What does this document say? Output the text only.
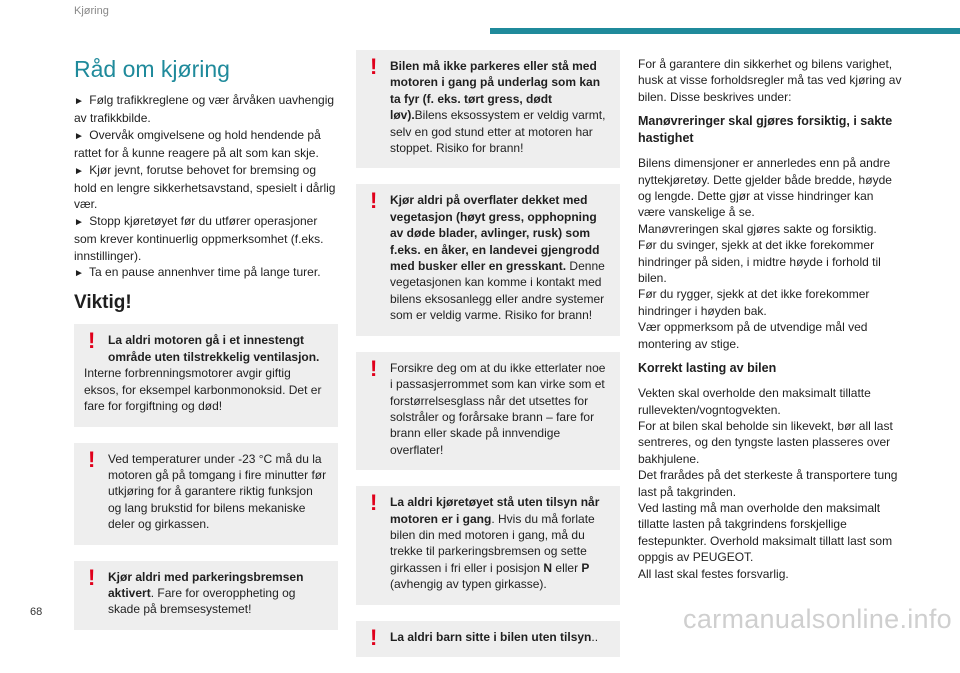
Kjøring
Råd om kjøring

► Følg trafikkreglene og vær årvåken uavhengig av trafikkbilde.

► Overvåk omgivelsene og hold hendende på rattet for å kunne reagere på alt som kan skje.

► Kjør jevnt, forutse behovet for bremsing og hold en lengre sikkerhetsavstand, spesielt i dårlig vær.

► Stopp kjøretøyet før du utfører operasjoner som krever kontinuerlig oppmerksomhet (f.eks. innstillinger).

► Ta en pause annenhver time på lange turer.

Viktig!
!	La aldri motoren gå i et innestengt område uten tilstrekkelig ventilasjon.
Interne forbrenningsmotorer avgir giftig eksos, for eksempel karbonmonoksid. Det er fare for forgiftning og død!
!	Ved temperaturer under -23 °C må du la motoren gå på tomgang i fire minutter før utkjøring for å garantere riktig funksjon og lang brukstid for bilens mekaniske deler og girkassen.
!	Kjør aldri med parkeringsbremsen aktivert. Fare for overoppheting og skade på bremsesystemet!
!	Bilen må ikke parkeres eller stå med motoren i gang på underlag som kan ta fyr (f. eks. tørt gress, dødt løv).Bilens eksossystem er veldig varmt, selv en god stund etter at motoren har stoppet. Risiko for brann!
!	Kjør aldri på overflater dekket med vegetasjon (høyt gress, opphopning av døde blader, avlinger, rusk) som f.eks. en åker, en landevei gjengrodd med busker eller en gresskant. Denne vegetasjonen kan komme i kontakt med bilens eksosanlegg eller andre systemer som er veldig varme. Risiko for brann!
!	Forsikre deg om at du ikke etterlater noe i passasjerrommet som kan virke som et forstørrelsesglass når det utsettes for solstråler og forårsake brann – fare for brann eller skade på innvendige overflater!
!	La aldri kjøretøyet stå uten tilsyn når motoren er i gang. Hvis du må forlate bilen din med motoren i gang, må du trekke til parkeringsbremsen og sette girkassen i fri eller i posisjon N eller P (avhengig av typen girkasse).
!	La aldri barn sitte i bilen uten tilsyn..

For å garantere din sikkerhet og bilens varighet, husk at visse forholdsregler må tas ved kjøring av bilen. Disse beskrives under:

Manøvreringer skal gjøres forsiktig, i sakte hastighet

Bilens dimensjoner er annerledes enn på andre nyttekjøretøy. Dette gjelder både bredde, høyde og lengde. Dette gjør at visse hindringer kan være vanskelige å se.
Manøvreringen skal gjøres sakte og forsiktig.
Før du svinger, sjekk at det ikke forekommer hindringer på siden, i midtre høyde i forhold til bilen.
Før du rygger, sjekk at det ikke forekommer hindringer i høyden bak.
Vær oppmerksom på de utvendige mål ved montering av stige.

Korrekt lasting av bilen

Vekten skal overholde den maksimalt tillatte rullevekten/vogntogvekten.
For at bilen skal beholde sin likevekt, bør all last sentreres, og den tyngste lasten plasseres over bakhjulene.
Det frarådes på det sterkeste å transportere tung last på takgrinden.
Ved lasting må man overholde den maksimalt tillatte lasten på takgrindens forskjellige festepunkter. Overhold maksimalt tillatt last som oppgis av PEUGEOT.
All last skal festes forsvarlig.

68	carmanualsonline.info
